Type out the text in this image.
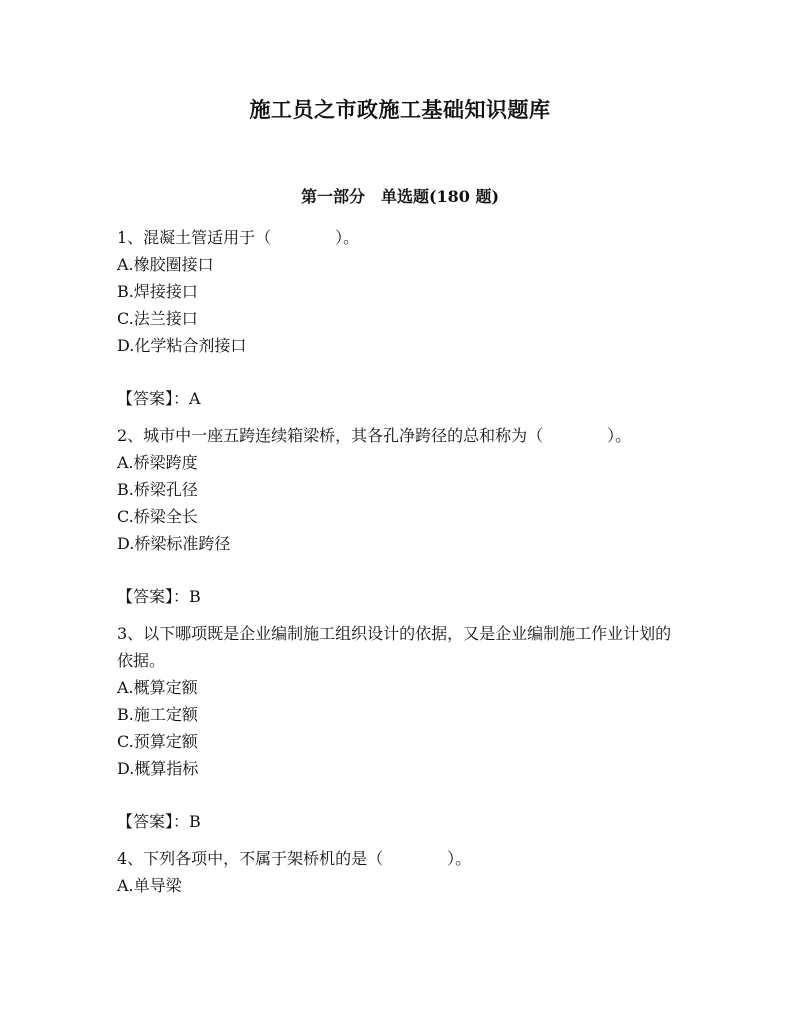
施工员之市政施工基础知识题库
第一部分　单选题(180 题)

1、混凝土管适用于（　　　　）。

A.橡胶圈接口

B.焊接接口

C.法兰接口

D.化学粘合剂接口

【答案】：A

2、城市中一座五跨连续箱梁桥，其各孔净跨径的总和称为（　　　　）。

A.桥梁跨度

B.桥梁孔径

C.桥梁全长

D.桥梁标准跨径

【答案】：B

3、以下哪项既是企业编制施工组织设计的依据，又是企业编制施工作业计划的依据。

A.概算定额

B.施工定额

C.预算定额

D.概算指标

【答案】：B

4、下列各项中，不属于架桥机的是（　　　　）。

A.单导梁
